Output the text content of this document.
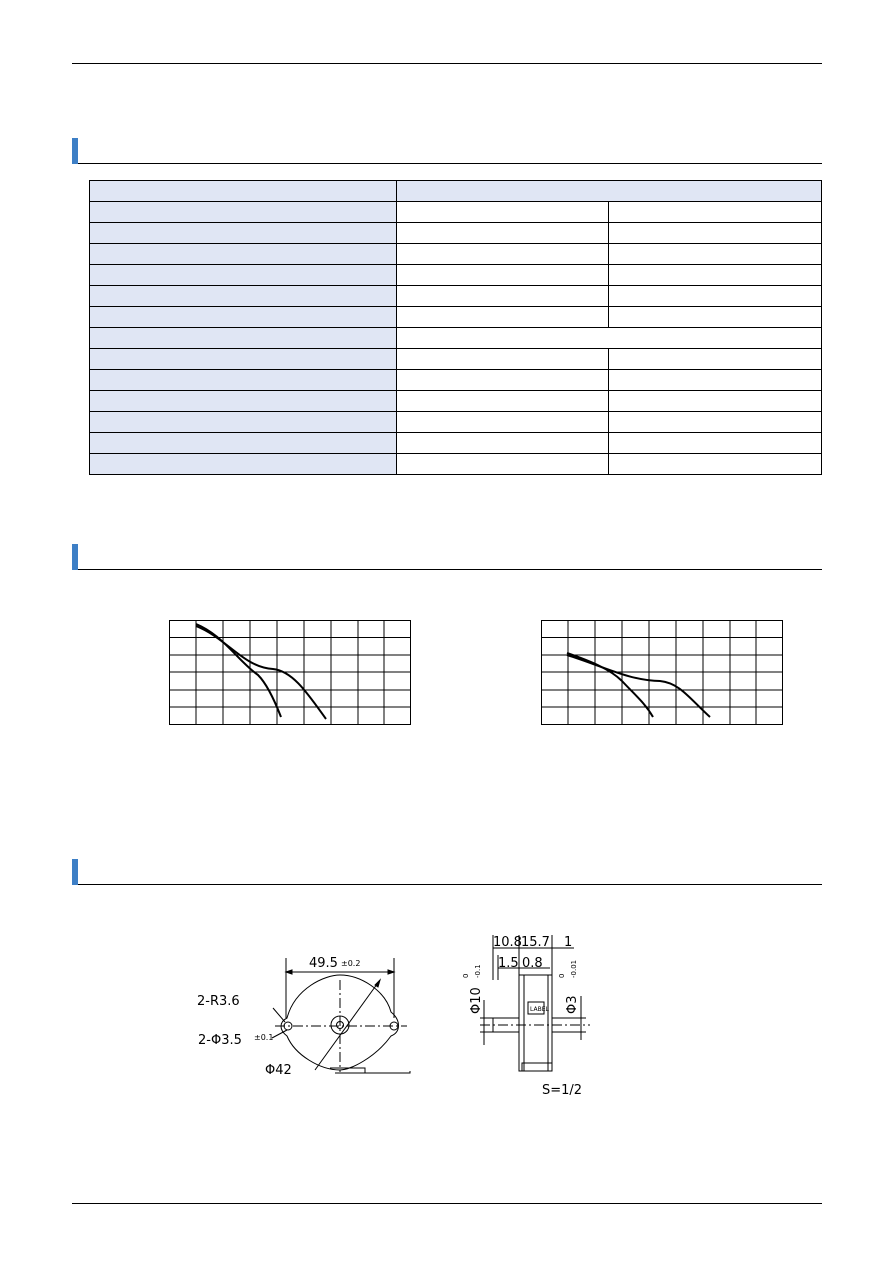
49.5 ±0.2
2-R3.6
2-Φ3.5 ±0.1
Φ42
10.8 15.7 1
1.5 0.8
LABEL
Φ10
0 -0.1
Φ3
0 -0.01
S=1/2
